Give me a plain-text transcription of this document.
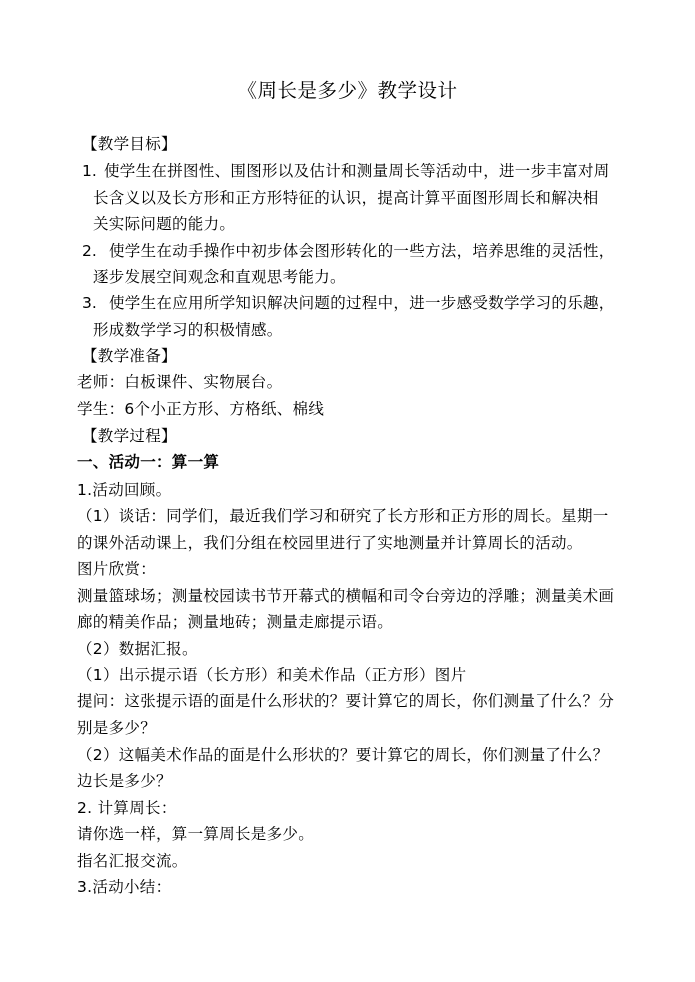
《周长是多少》教学设计
【教学目标】
1. 使学生在拼图性、围图形以及估计和测量周长等活动中，进一步丰富对周
长含义以及长方形和正方形特征的认识，提高计算平面图形周长和解决相
关实际问题的能力。
2. 使学生在动手操作中初步体会图形转化的一些方法，培养思维的灵活性，
逐步发展空间观念和直观思考能力。
3. 使学生在应用所学知识解决问题的过程中，进一步感受数学学习的乐趣，
形成数学学习的积极情感。
【教学准备】
老师：白板课件、实物展台。
学生：6个小正方形、方格纸、棉线
【教学过程】
一、活动一：算一算
1.活动回顾。
（1）谈话：同学们，最近我们学习和研究了长方形和正方形的周长。星期一
的课外活动课上，我们分组在校园里进行了实地测量并计算周长的活动。
图片欣赏：
测量篮球场；测量校园读书节开幕式的横幅和司令台旁边的浮雕；测量美术画
廊的精美作品；测量地砖；测量走廊提示语。
（2）数据汇报。
（1）出示提示语（长方形）和美术作品（正方形）图片
提问：这张提示语的面是什么形状的？要计算它的周长，你们测量了什么？分
别是多少？
（2）这幅美术作品的面是什么形状的？要计算它的周长，你们测量了什么？
边长是多少？
2. 计算周长：
请你选一样，算一算周长是多少。
指名汇报交流。
3.活动小结：
